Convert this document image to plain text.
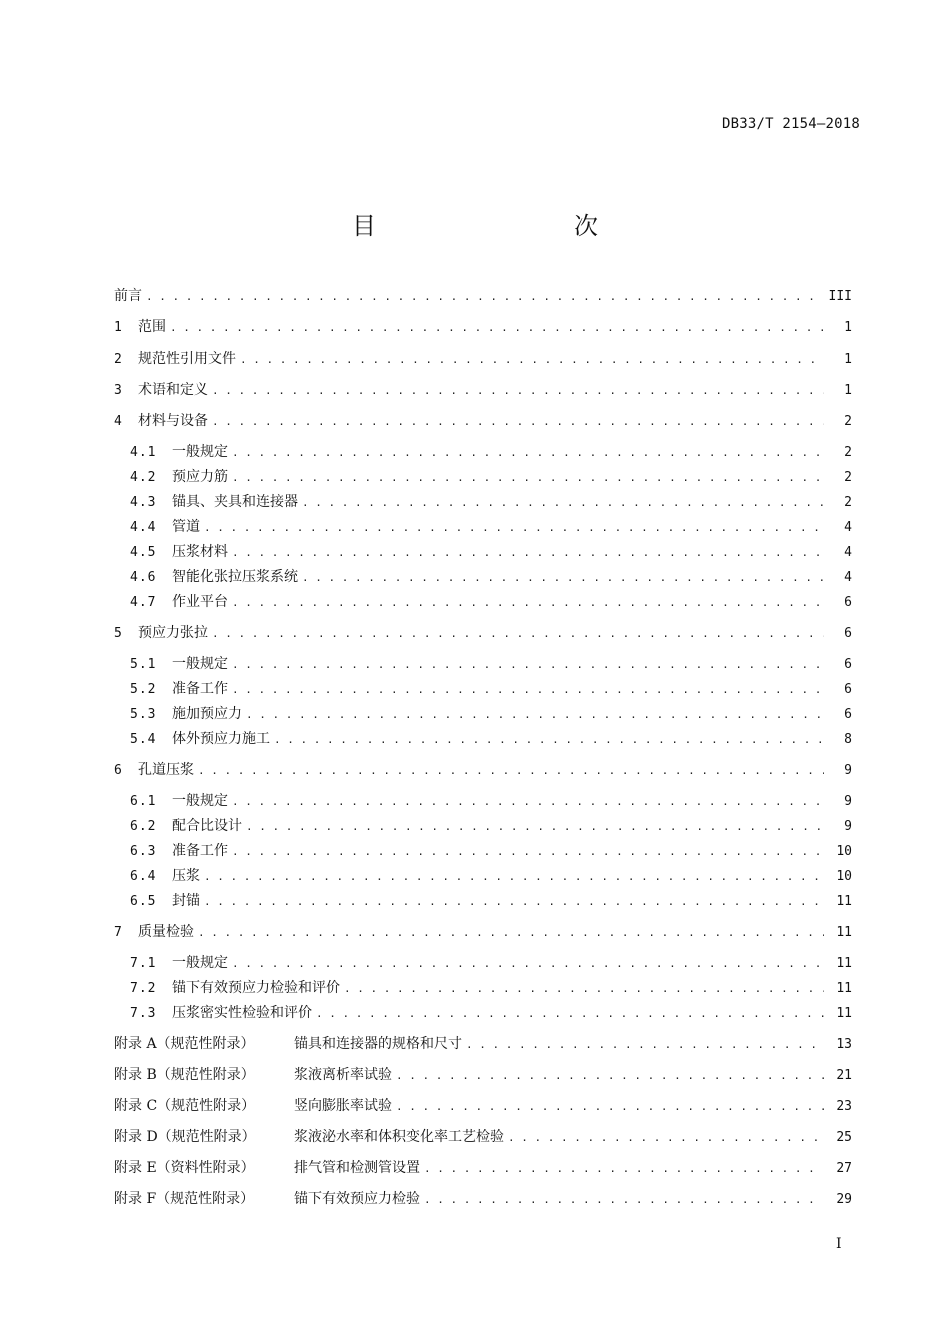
DB33/T 2154—2018
目　　次
前言 . . .	III
1	范围 . . .	1
2	规范性引用文件 . . .	1
3	术语和定义 . . .	1
4	材料与设备 . . .	2
4.1	一般规定 . . .	2
4.2	预应力筋 . . .	2
4.3	锚具、夹具和连接器 . . .	2
4.4	管道 . . .	4
4.5	压浆材料 . . .	4
4.6	智能化张拉压浆系统 . . .	4
4.7	作业平台 . . .	6
5	预应力张拉 . . .	6
5.1	一般规定 . . .	6
5.2	准备工作 . . .	6
5.3	施加预应力 . . .	6
5.4	体外预应力施工 . . .	8
6	孔道压浆 . . .	9
6.1	一般规定 . . .	9
6.2	配合比设计 . . .	9
6.3	准备工作 . . .	10
6.4	压浆 . . .	10
6.5	封锚 . . .	11
7	质量检验 . . .	11
7.1	一般规定 . . .	11
7.2	锚下有效预应力检验和评价 . . .	11
7.3	压浆密实性检验和评价 . . .	11
附录 A（规范性附录）	锚具和连接器的规格和尺寸 . . .	13
附录 B（规范性附录）	浆液离析率试验 . . .	21
附录 C（规范性附录）	竖向膨胀率试验 . . .	23
附录 D（规范性附录）	浆液泌水率和体积变化率工艺检验 . . .	25
附录 E（资料性附录）	排气管和检测管设置 . . .	27
附录 F（规范性附录）	锚下有效预应力检验 . . .	29
I
